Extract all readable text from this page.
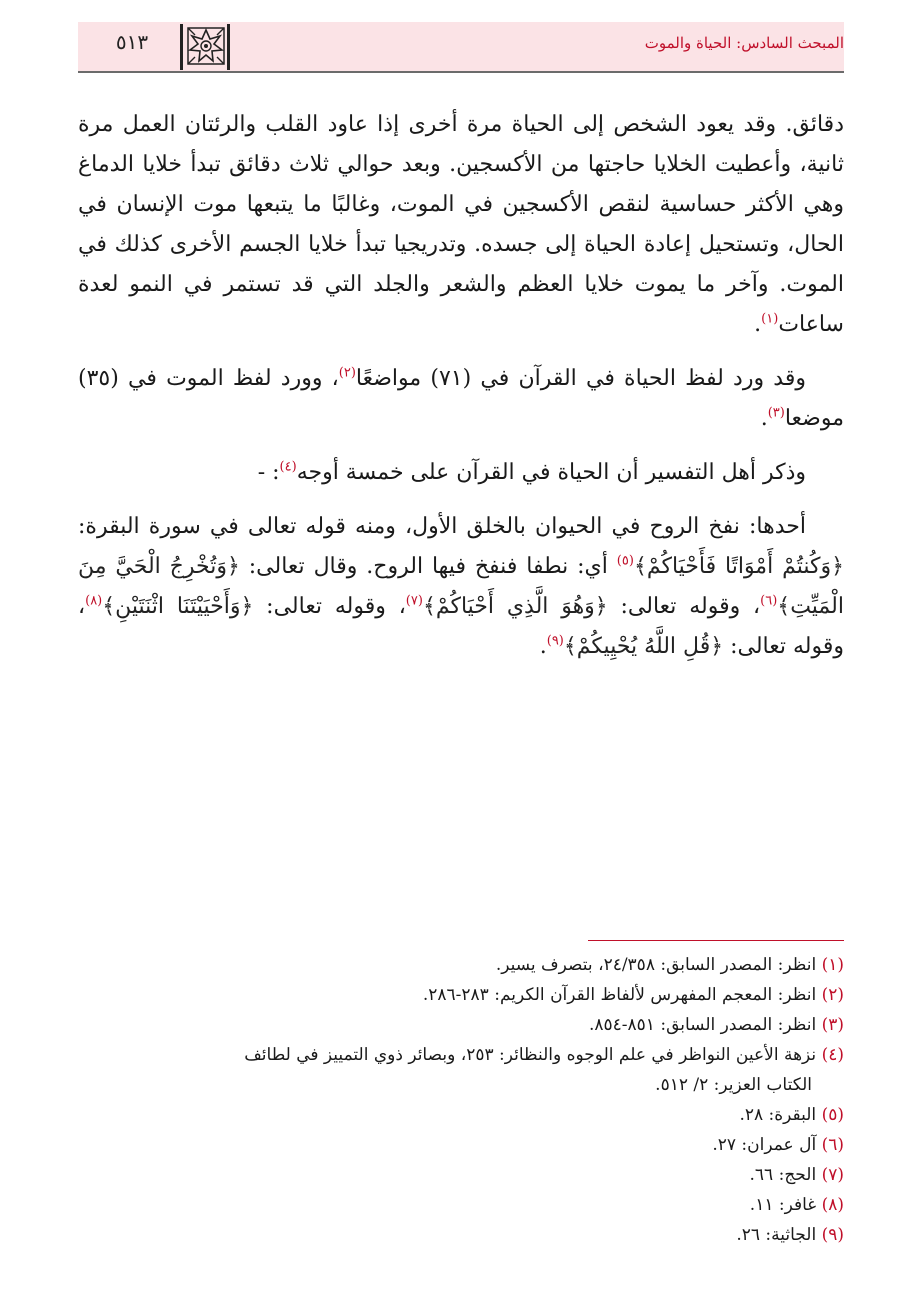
٥١٣	المبحث السادس: الحياة والموت

دقائق. وقد يعود الشخص إلى الحياة مرة أخرى إذا عاود القلب والرئتان العمل مرة ثانية، وأعطيت الخلايا حاجتها من الأكسجين. وبعد حوالي ثلاث دقائق تبدأ خلايا الدماغ وهي الأكثر حساسية لنقص الأكسجين في الموت، وغالبًا ما يتبعها موت الإنسان في الحال، وتستحيل إعادة الحياة إلى جسده. وتدريجيا تبدأ خلايا الجسم الأخرى كذلك في الموت. وآخر ما يموت خلايا العظم والشعر والجلد التي قد تستمر في النمو لعدة ساعات$^{(١)}$.

وقد ورد لفظ الحياة في القرآن في (٧١) مواضعًا$^{(٢)}$، وورد لفظ الموت في (٣٥) موضعا$^{(٣)}$.

وذكر أهل التفسير أن الحياة في القرآن على خمسة أوجه$^{(٤)}$: -

أحدها: نفخ الروح في الحيوان بالخلق الأول، ومنه قوله تعالى في سورة البقرة: ﴿وَكُنتُمْ أَمْوَاتًا فَأَحْيَاكُمْ﴾$^{(٥)}$ أي: نطفا فنفخ فيها الروح. وقال تعالى: ﴿وَتُخْرِجُ الْحَيَّ مِنَ الْمَيِّتِ﴾$^{(٦)}$، وقوله تعالى: ﴿وَهُوَ الَّذِي أَحْيَاكُمْ﴾$^{(٧)}$، وقوله تعالى: ﴿وَأَحْيَيْتَنَا اثْنَتَيْنِ﴾$^{(٨)}$، وقوله تعالى: ﴿قُلِ اللَّهُ يُحْيِيكُمْ﴾$^{(٩)}$.

(١) انظر: المصدر السابق: ٢٤/٣٥٨، بتصرف يسير.
(٢) انظر: المعجم المفهرس لألفاظ القرآن الكريم: ٢٨٣-٢٨٦.
(٣) انظر: المصدر السابق: ٨٥١-٨٥٤.
(٤) نزهة الأعين النواظر في علم الوجوه والنظائر: ٢٥٣، وبصائر ذوي التمييز في لطائف
الكتاب العزير: ٢/ ٥١٢.
(٥) البقرة: ٢٨.
(٦) آل عمران: ٢٧.
(٧) الحج: ٦٦.
(٨) غافر: ١١.
(٩) الجاثية: ٢٦.
